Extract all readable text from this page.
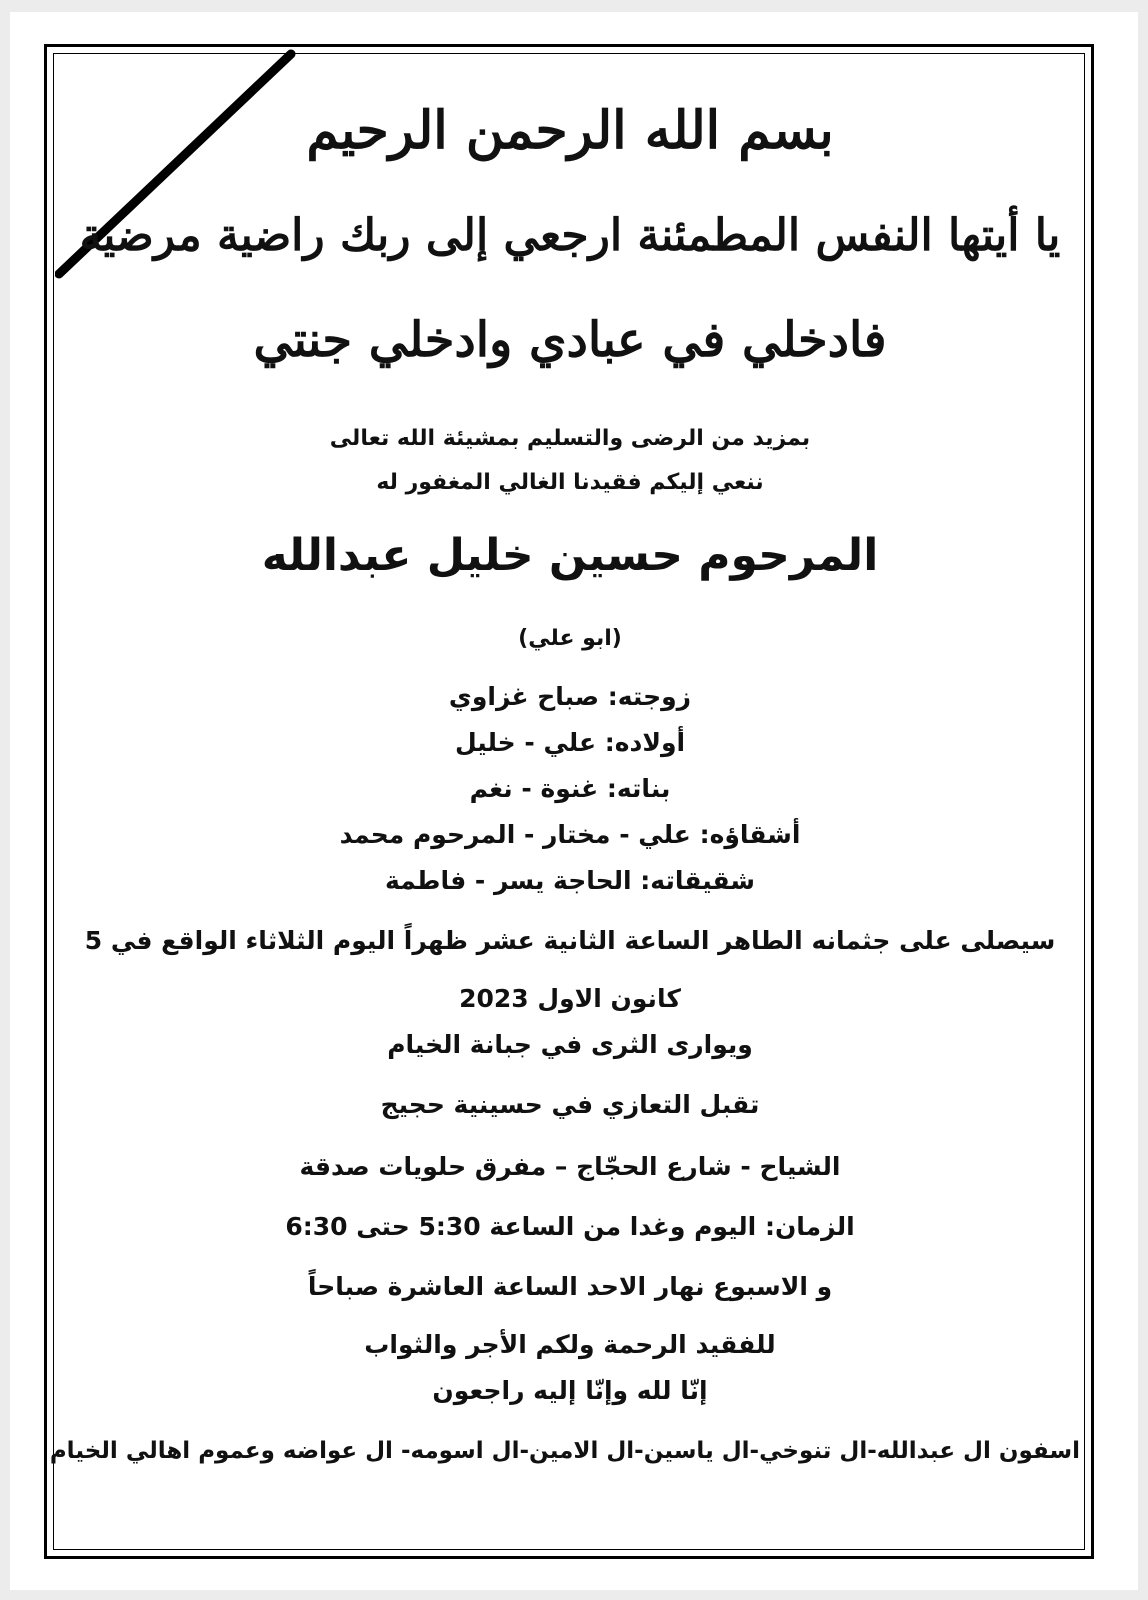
بسم الله الرحمن الرحيم
يا أيتها النفس المطمئنة ارجعي إلى ربك راضية مرضية
فادخلي في عبادي وادخلي جنتي
بمزيد من الرضى والتسليم بمشيئة الله تعالى
ننعي إليكم فقيدنا الغالي المغفور له
المرحوم حسين خليل عبدالله
(ابو علي)
زوجته: صباح غزاوي
أولاده: علي - خليل
بناته: غنوة - نغم
أشقاؤه: علي - مختار - المرحوم محمد
شقيقاته: الحاجة يسر - فاطمة
سيصلى على جثمانه الطاهر الساعة الثانية عشر ظهراً اليوم الثلاثاء الواقع في 5
كانون الاول 2023
ويوارى الثرى في جبانة الخيام
تقبل التعازي في حسينية حجيج
الشياح - شارع الحجّاج – مفرق حلويات صدقة
الزمان: اليوم وغدا من الساعة 5:30 حتى 6:30
و الاسبوع نهار الاحد الساعة العاشرة صباحاً
للفقيد الرحمة ولكم الأجر والثواب
إنّا لله وإنّا إليه راجعون
اسفون ال عبدالله-ال تنوخي-ال ياسين-ال الامين-ال اسومه- ال عواضه وعموم اهالي الخيام
